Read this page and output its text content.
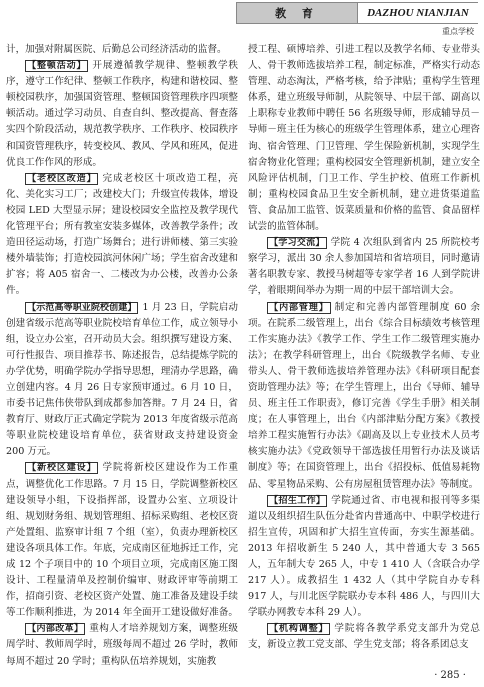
教 育	DAZHOU NIANJIAN
重点学校

计，加强对附属医院、后勤总公司经济活动的监督。

【整顿活动】 开展遵循教学规律、整顿教学秩序，遵守工作纪律、整顿工作秩序，构建和谐校园、整顿校园秩序，加强国资管理、整顿国资管理秩序四项整顿活动。通过学习动员、自查自纠、整改提高、督查落实四个阶段活动，规范教学秩序、工作秩序、校园秩序和国资管理秩序，转变校风、教风、学风和班风，促进优良工作作风的形成。

【老校区改造】 完成老校区十项改造工程，亮化、美化实习工厂；改建校大门；升级宣传栽体，增设校园 LED 大型显示屏；建设校园安全监控及教学现代化管理平台；所有教室安装多媒体，改善教学条件；改造田径运动场，打造广场舞台；进行讲师楼、第三实验楼外墙装饰；打造校园滨河休闲广场；学生宿舍改建和扩容；将 A05 宿舍一、二楼改为办公楼，改善办公条件。

【示范高等职业院校创建】 1 月 23 日，学院启动创建省级示范高等职业院校培育单位工作，成立领导小组，设立办公室，召开动员大会。组织撰写建设方案、可行性报告、项目推荐书、陈述报告，总结提炼学院的办学优势，明确学院办学指导思想，理清办学思路，确立创建内容。4 月 26 日专家预审通过。6 月 10 日，市委书记焦伟侠带队到成都参加答辩。7 月 24 日，省教育厅、财政厅正式确定学院为 2013 年度省级示范高等职业院校建设培育单位，获省财政支持建设资金 200 万元。

【新校区建设】 学院将新校区建设作为工作重点，调整优化工作思路。7 月 15 日，学院调整新校区建设领导小组，下设指挥部，设置办公室、立项设计组、规划财务组、规划管理组、招标采购组、老校区资产处置组、监察审计组 7 个组（室），负责办理新校区建设各项具体工作。年底，完成南区征地拆迁工作，完成 12 个子项目中的 10 个项目立项，完成南区施工图设计、工程量清单及控制价编审、财政评审等前期工作，招商引资、老校区资产处置、施工准备及建设手续等工作顺利推进，为 2014 年全面开工建设做好准备。

【内部改革】 重构人才培养规划方案，调整班级周学时、教师周学时，班级每周不超过 26 学时，教师每周不超过 20 学时；重构队伍培养规划，实施教

授工程、硕博培养、引进工程以及教学名师、专业带头人、骨干教师选拔培养工程，制定标准，严格实行动态管理、动态淘汰，严格考核，给予津贴；重构学生管理体系，建立班级导师制，从院领导、中层干部、副高以上职称专业教师中聘任 56 名班级导师，形成辅导员－导师－班主任为核心的班级学生管理体系，建立心理咨询、宿舍管理、门卫管理、学生保险新机制，实现学生宿舍物业化管理；重构校园安全管理新机制，建立安全风险评估机制，门卫工作、学生护校、值班工作新机制；重构校园食品卫生安全新机制，建立进货渠道监管、食品加工监管、饭菜质量和价格的监管、食品留样试尝的监管体制。

【学习交流】 学院 4 次组队到省内 25 所院校考察学习，派出 30 余人参加国培和省培项目，同时邀请著名职教专家、教授马树超等专家学者 16 人到学院讲学，着眼期间举办为期一周的中层干部培训大会。

【内部管理】 制定和完善内部管理制度 60 余项。在院系二级管理上，出台《综合目标绩效考核管理工作实施办法》《教学工作、学生工作二级管理实施办法》；在教学科研管理上，出台《院级教学名师、专业带头人、骨干教师选拔培养管理办法》《科研项目配套资助管理办法》等；在学生管理上，出台《导师、辅导员、班主任工作职责》，修订完善《学生手册》相关制度；在人事管理上，出台《内部津贴分配方案》《教授培养工程实施暂行办法》《副高及以上专业技术人员考核实施办法》《党政领导干部选拔任用暂行办法及谈话制度》等；在国资管理上，出台《招投标、低值易耗物品、零星物品采购、公有房屋租赁管理办法》等制度。

【招生工作】 学院通过省、市电视和报刊等多渠道以及组织招生队伍分赴省内普通高中、中职学校进行招生宣传，巩固和扩大招生宣传面，夯实生源基础。2013 年招收新生 5 240 人，其中普通大专 3 565 人，五年制大专 265 人，中专 1 410 人（含联合办学 217 人）。成教招生 1 432 人（其中学院自办专科 917 人，与川北医学院联办专本科 486 人，与四川大学联办网教专本科 29 人）。

【机构调整】 学院将各教学系党支部升为党总支，新设立教工党支部、学生党支部；将各系团总支

· 285 ·
